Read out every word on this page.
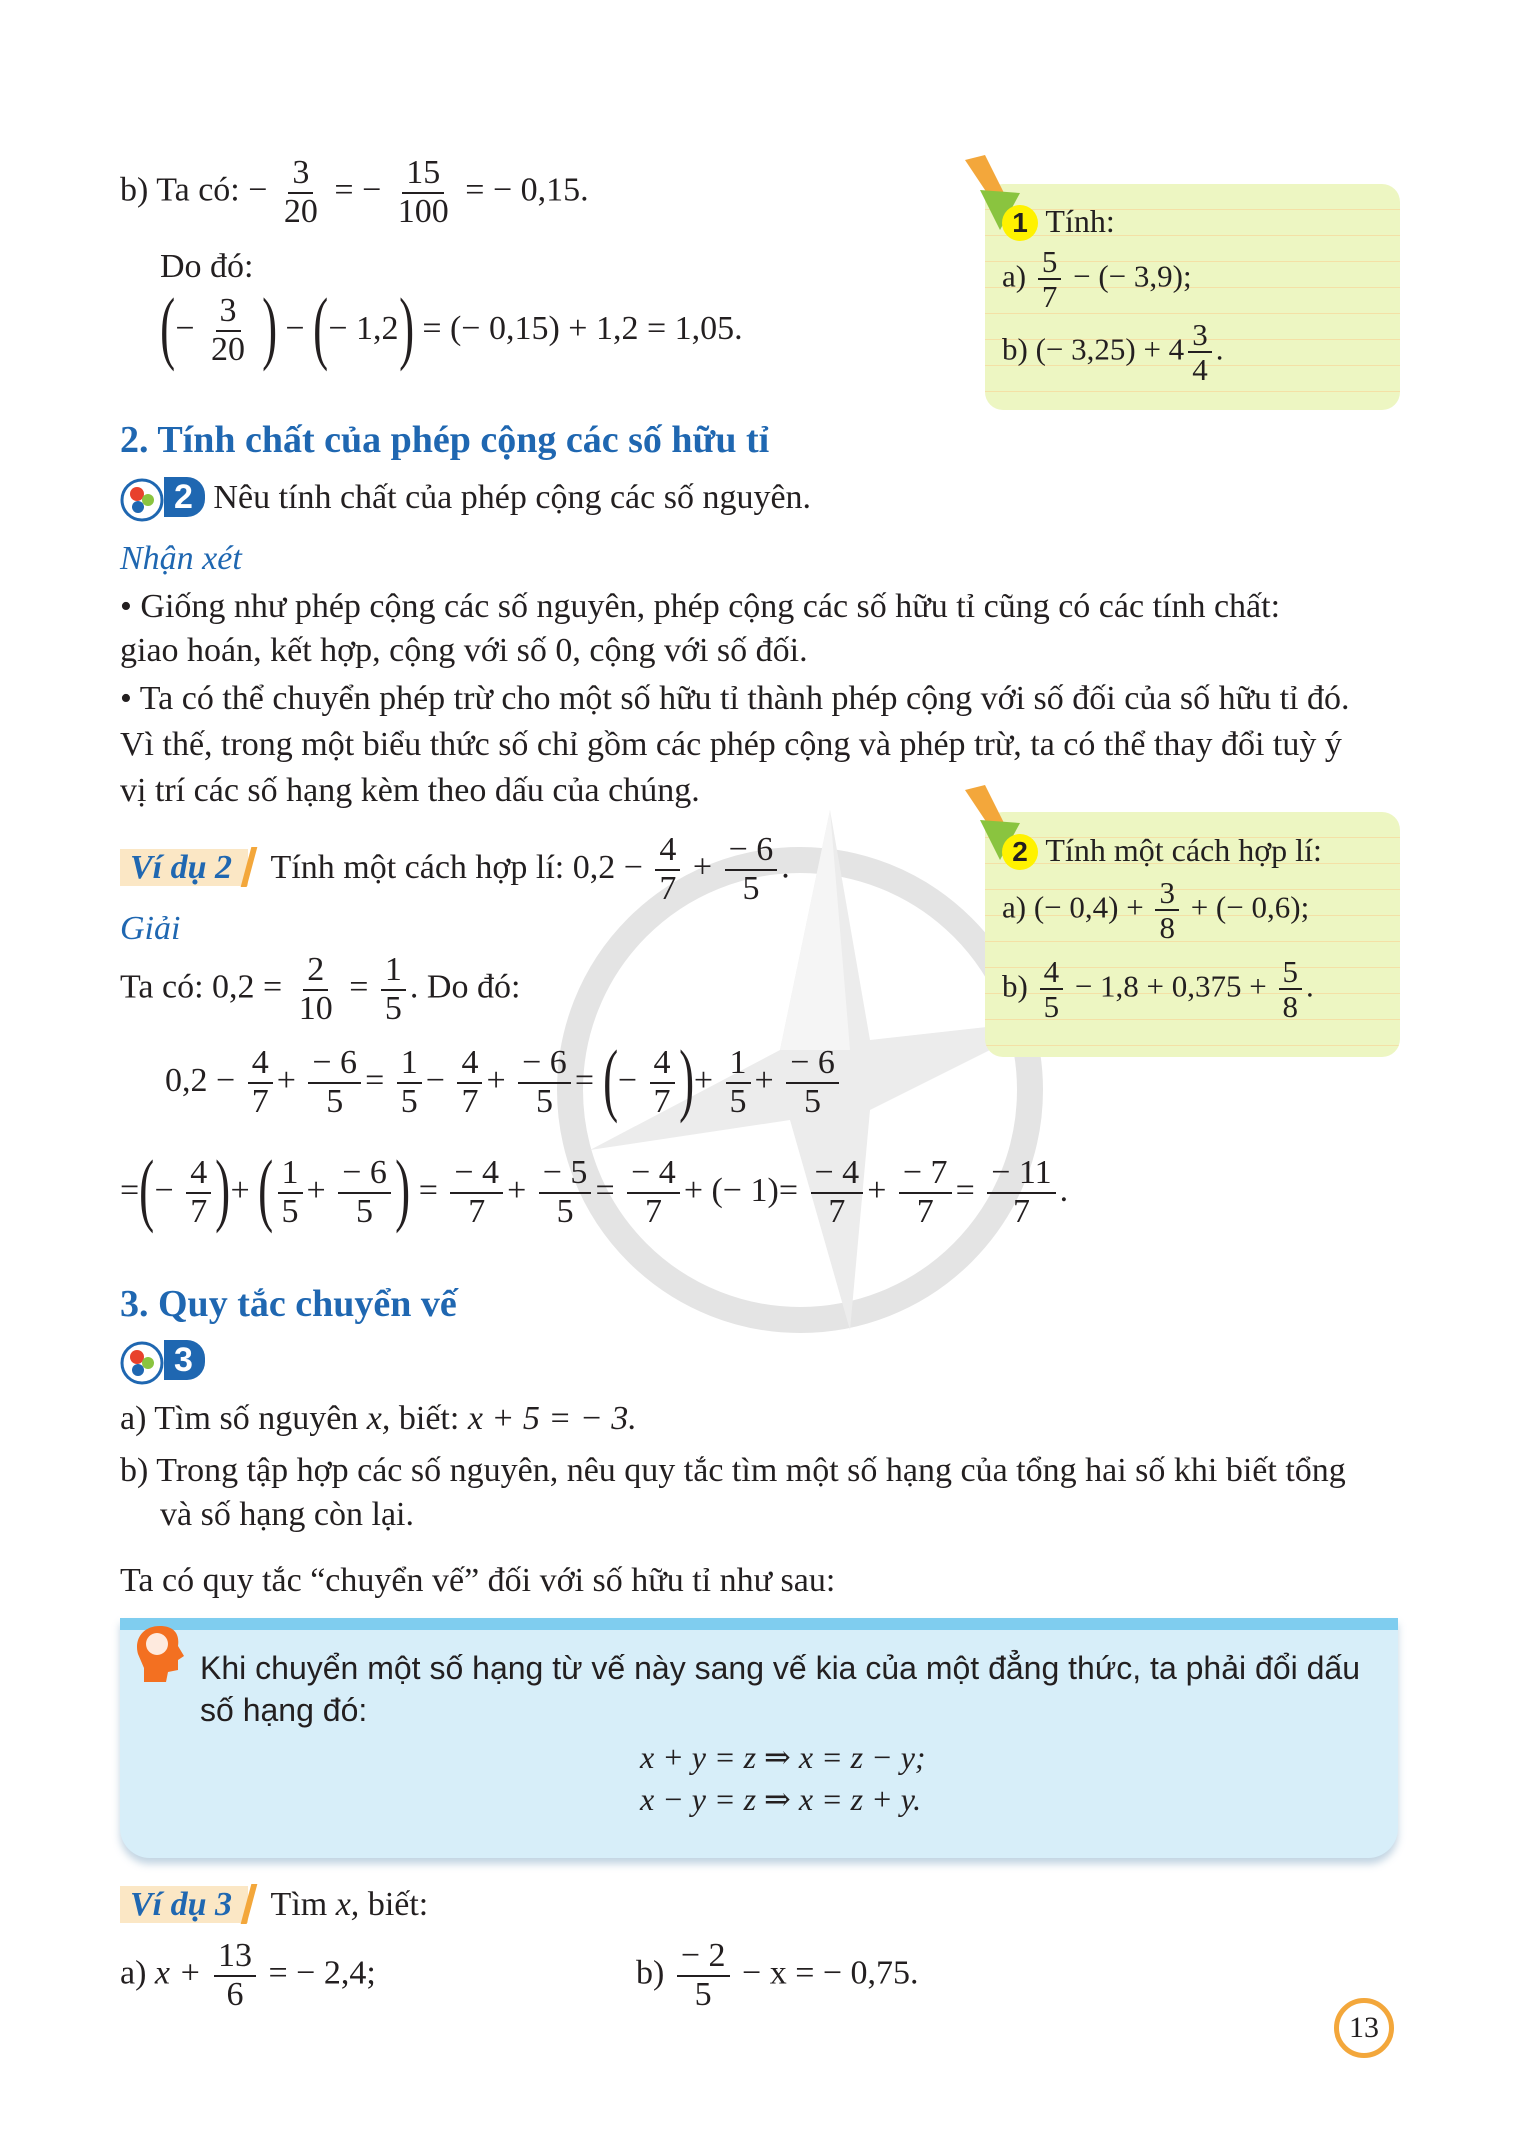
b) Ta có: − $\frac{3}{20}$ = − $\frac{15}{100}$ = − 0,15.
Do đó:
(− $\frac{3}{20}$ ) − (− 1,2) = (− 0,15) + 1,2 = 1,05.
1 Tính:
$a) \frac{5}{7}$ − (− 3,9);
b) (− $3,25) + 4 \frac{3}{4}$ .
2. Tính chất của phép cộng các số hữu tỉ
2 Nêu tính chất của phép cộng các số nguyên.
Nhận xét
• Giống như phép cộng các số nguyên, phép cộng các số hữu tỉ cũng có các tính chất:
giao hoán, kết hợp, cộng với số 0, cộng với số đối.
• Ta có thể chuyển phép trừ cho một số hữu tỉ thành phép cộng với số đối của số hữu tỉ đó.
Vì thế, trong một biểu thức số chỉ gồm các phép cộng và phép trừ, ta có thể thay đổi tuỳ ý
vị trí các số hạng kèm theo dấu của chúng.
2 Tính một cách hợp lí:
a) (− $0,4) + \frac{3}{8}$ + (− 0,6);
$b) \frac{4}{5} - 1,8 + 0,375 + \frac{5}{8}$ .
Ví dụ 2 Tính một cách hợp lí: $0,2 - \frac{4}{7} + \frac{- 6}{5}$ .
Giải
Ta có: $0,2 = \frac{2}{10} = \frac{1}{5}$ . Do đó:
$0,2 - \frac{4}{7} + \frac{- 6}{5} = \frac{1}{5} - \frac{4}{7} + \frac{- 6}{5}$ = (− $\frac{4}{7}$ )+ $\frac{1}{5} + \frac{- 6}{5}$
=(− $\frac{4}{7}$ )+ ( $\frac{1}{5} + \frac{- 6}{5}$ ) = $\frac{- 4}{7} + \frac{- 5}{5} = \frac{- 4}{7}$ + (− $1)= \frac{- 4}{7} + \frac{- 7}{7} = \frac{- 11}{7}$ .
3. Quy tắc chuyển vế
3
a) Tìm số nguyên x, biết: x + 5 = − 3.
b) Trong tập hợp các số nguyên, nêu quy tắc tìm một số hạng của tổng hai số khi biết tổng
và số hạng còn lại.
Ta có quy tắc “chuyển vế” đối với số hữu tỉ như sau:
Khi chuyển một số hạng từ vế này sang vế kia của một đẳng thức, ta phải đổi dấu
số hạng đó:
x + y = z ⇒ x = z − y;
x − y = z ⇒ x = z + y.
Ví dụ 3 Tìm x, biết:
a) $x + \frac{13}{6}$ = − 2,4;	$b) \frac{- 2}{5} - x$ = − 0,75.
13
